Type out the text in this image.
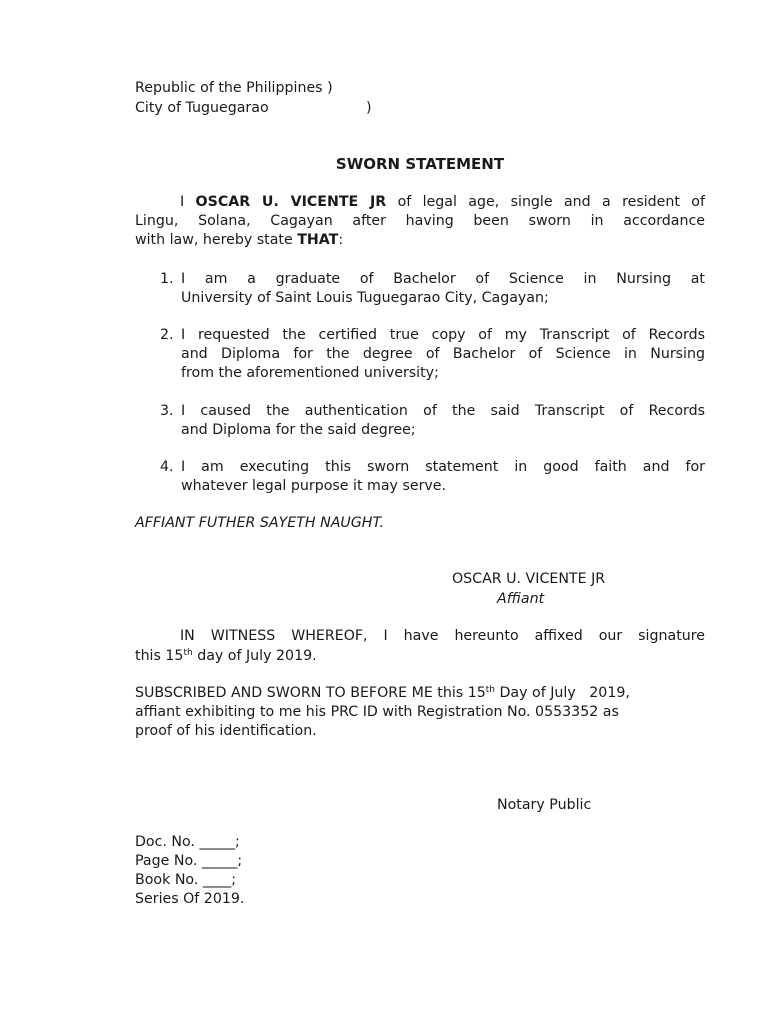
Republic of the Philippines )
City of Tuguegarao	)
SWORN STATEMENT
I OSCAR U. VICENTE JR of legal age, single and a resident of
Lingu, Solana, Cagayan after having been sworn in accordance
with law, hereby state THAT:
1. I am a graduate of Bachelor of Science in Nursing at
University of Saint Louis Tuguegarao City, Cagayan;
2. I requested the certified true copy of my Transcript of Records
and Diploma for the degree of Bachelor of Science in Nursing
from the aforementioned university;
3. I caused the authentication of the said Transcript of Records
and Diploma for the said degree;
4. I am executing this sworn statement in good faith and for
whatever legal purpose it may serve.
AFFIANT FUTHER SAYETH NAUGHT.
OSCAR U. VICENTE JR
Affiant
IN WITNESS WHEREOF, I have hereunto affixed our signature
this 15th day of July 2019.
SUBSCRIBED AND SWORN TO BEFORE ME this 15th Day of July   2019,
affiant exhibiting to me his PRC ID with Registration No. 0553352 as
proof of his identification.
Notary Public
Doc. No. _____;
Page No. _____;
Book No. ____;
Series Of 2019.
